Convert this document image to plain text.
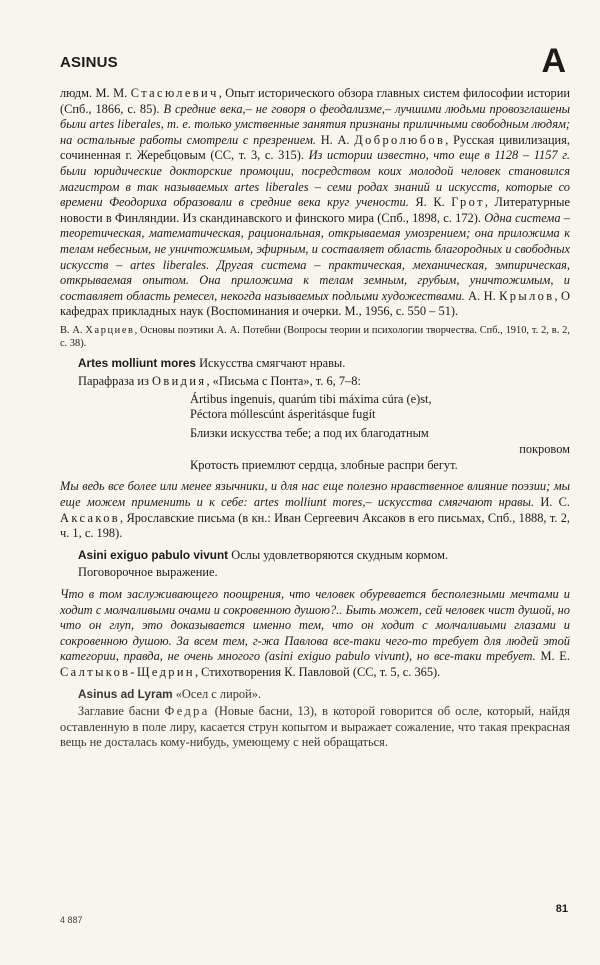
ASINUS	A

людм. М. М. Стасюлевич, Опыт исторического обзора главных систем философии истории (Спб., 1866, с. 85). В средние века,– не говоря о феодализме,– лучшими людьми провозглашены были artes liberales, т. е. только умственные занятия признаны приличными свободным людям; на остальные работы смотрели с презрением. Н. А. Добролюбов, Русская цивилизация, сочиненная г. Жеребцовым (СС, т. 3, с. 315). Из истории известно, что еще в 1128 – 1157 г. были юридические докторские промоции, посредством коих молодой человек становился магистром в так называемых artes liberales – семи родах знаний и искусств, которые со времени Феодориха образовали в средние века круг учености. Я. К. Грот, Литературные новости в Финляндии. Из скандинавского и финского мира (Спб., 1898, с. 172). Одна система – теоретическая, математическая, рациональная, открываемая умозрением; она приложима к телам небесным, не уничтожимым, эфирным, и составляет область благородных и свободных искусств – artes liberales. Другая система – практическая, механическая, эмпирическая, открываемая опытом. Она приложима к телам земным, грубым, уничтожимым, и составляет область ремесел, некогда называемых подлыми художествами. А. Н. Крылов, О кафедрах прикладных наук (Воспоминания и очерки. М., 1956, с. 550 – 51).

В. А. Харциев, Основы поэтики А. А. Потебни (Вопросы теории и психологии творчества. Спб., 1910, т. 2, в. 2, с. 38).

Artes molliunt mores Искусства смягчают нравы.
Парафраза из Овидия, «Письма с Понта», т. 6, 7–8:
Ártibus ingenuis, quarúm tibi máxima cúra (e)st,
Péctora móllescúnt ásperitásque fugít
Близки искусства тебе; а под их благодатным
покровом
Кротость приемлют сердца, злобные распри бегут.

Мы ведь все более или менее язычники, и для нас еще полезно нравственное влияние поэзии; мы еще можем применить и к себе: artes molliunt mores,– искусства смягчают нравы. И. С. Аксаков, Ярославские письма (в кн.: Иван Сергеевич Аксаков в его письмах, Спб., 1888, т. 2, ч. 1, с. 198).

Asini exiguo pabulo vivunt Ослы удовлетворяются скудным кормом.
Поговорочное выражение.

Что в том заслуживающего поощрения, что человек обуревается бесполезными мечтами и ходит с молчаливыми очами и сокровенною душою?.. Быть может, сей человек чист душой, но что он глуп, это доказывается именно тем, что он ходит с молчаливыми глазами и сокровенною душою. За всем тем, г-жа Павлова все-таки чего-то требует для людей этой категории, правда, не очень многого (asini exiguo pabulo vivunt), но все-таки требует. М. Е. Салтыков-Щедрин, Стихотворения К. Павловой (СС, т. 5, с. 365).

Asinus ad Lyram «Осел с лирой».

Заглавие басни Федра (Новые басни, 13), в которой говорится об осле, который, найдя оставленную в поле лиру, касается струн копытом и выражает сожаление, что такая прекрасная вещь не досталась кому-нибудь, умеющему с ней обращаться.

81
4 887
